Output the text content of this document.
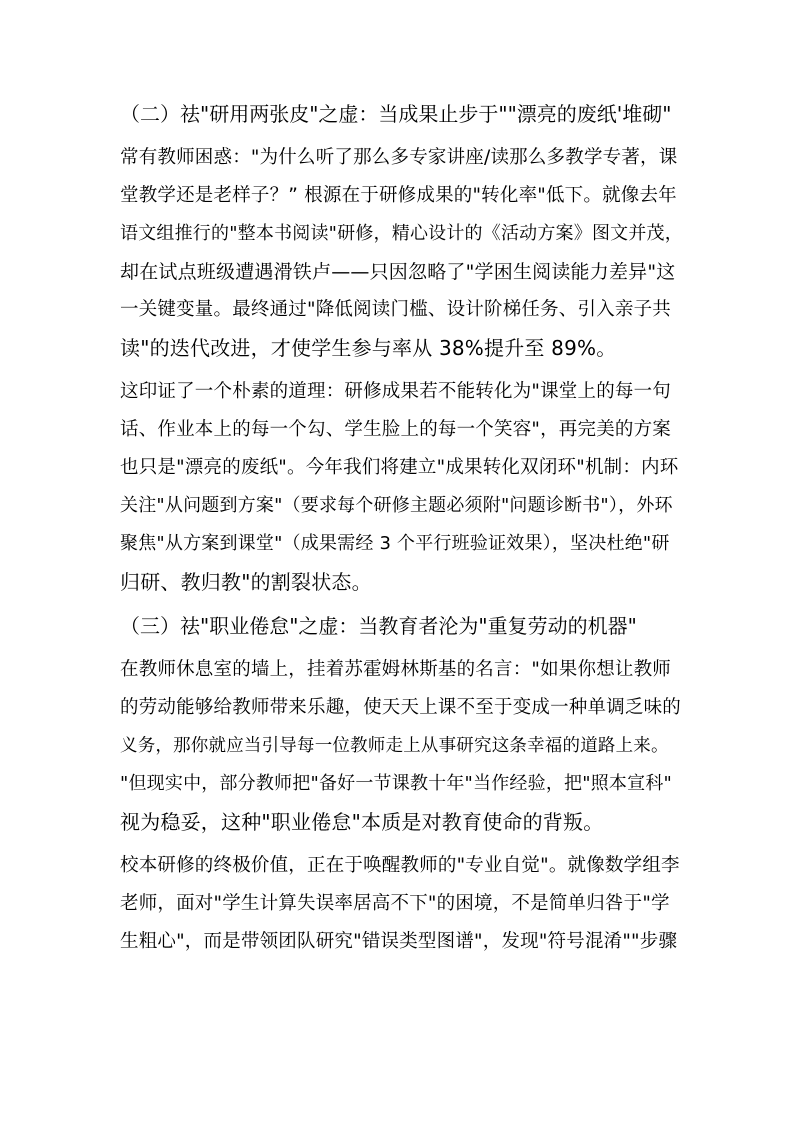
（二）祛"研用两张皮"之虚：当成果止步于""漂亮的废纸'堆砌"
常有教师困惑："为什么听了那么多专家讲座/读那么多教学专著，课
堂教学还是老样子？” 根源在于研修成果的"转化率"低下。就像去年
语文组推行的"整本书阅读"研修，精心设计的《活动方案》图文并茂，
却在试点班级遭遇滑铁卢——只因忽略了"学困生阅读能力差异"这
一关键变量。最终通过"降低阅读门槛、设计阶梯任务、引入亲子共
读"的迭代改进，才使学生参与率从 38%提升至 89%。
这印证了一个朴素的道理：研修成果若不能转化为"课堂上的每一句
话、作业本上的每一个勾、学生脸上的每一个笑容"，再完美的方案
也只是"漂亮的废纸"。今年我们将建立"成果转化双闭环"机制：内环
关注"从问题到方案"（要求每个研修主题必须附"问题诊断书"），外环
聚焦"从方案到课堂"（成果需经 3 个平行班验证效果），坚决杜绝"研
归研、教归教"的割裂状态。
（三）祛"职业倦怠"之虚：当教育者沦为"重复劳动的机器"
在教师休息室的墙上，挂着苏霍姆林斯基的名言："如果你想让教师
的劳动能够给教师带来乐趣，使天天上课不至于变成一种单调乏味的
义务，那你就应当引导每一位教师走上从事研究这条幸福的道路上来。
"但现实中，部分教师把"备好一节课教十年"当作经验，把"照本宣科"
视为稳妥，这种"职业倦怠"本质是对教育使命的背叛。
校本研修的终极价值，正在于唤醒教师的"专业自觉"。就像数学组李
老师，面对"学生计算失误率居高不下"的困境，不是简单归咎于"学
生粗心"，而是带领团队研究"错误类型图谱"，发现"符号混淆""步骤
